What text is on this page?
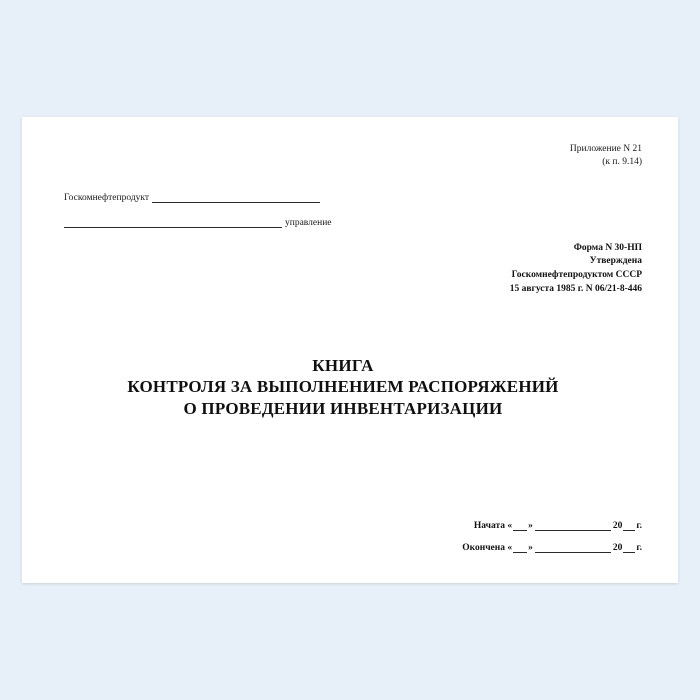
Приложение N 21
(к п. 9.14)
Госкомнефтепродукт
управление
Форма N 30-НП
Утверждена
Госкомнефтепродуктом СССР
15 августа 1985 г. N 06/21-8-446
КНИГА
КОНТРОЛЯ ЗА ВЫПОЛНЕНИЕМ РАСПОРЯЖЕНИЙ
О ПРОВЕДЕНИИ ИНВЕНТАРИЗАЦИИ
Начата « »	20 г.
Окончена « »	20 г.
